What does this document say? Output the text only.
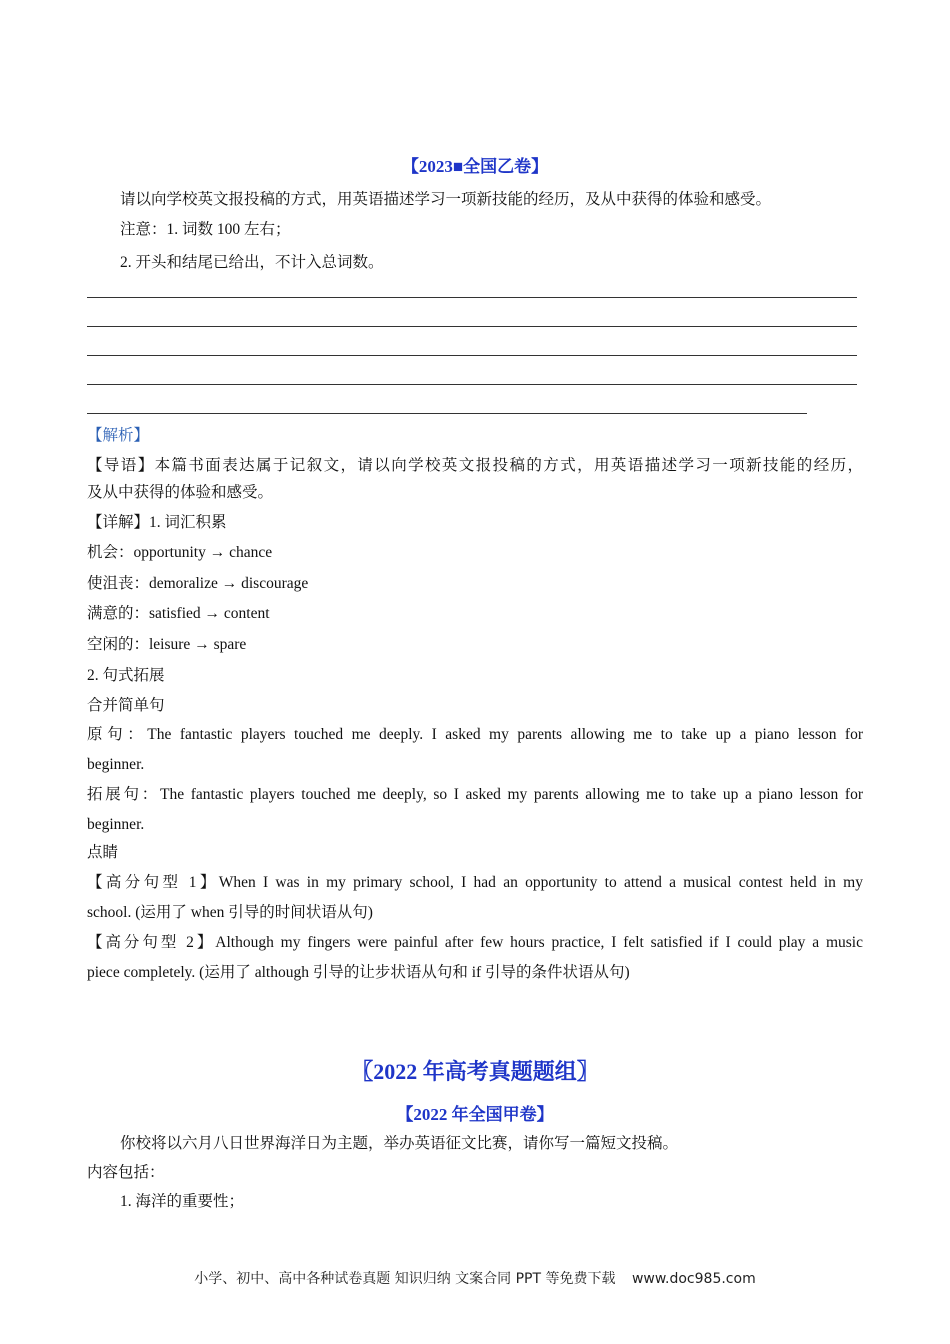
【2023■全国乙卷】
请以向学校英文报投稿的方式，用英语描述学习一项新技能的经历，及从中获得的体验和感受。
注意：1. 词数 100 左右；
2. 开头和结尾已给出，不计入总词数。
【解析】
【导语】本篇书面表达属于记叙文，请以向学校英文报投稿的方式，用英语描述学习一项新技能的经历，
及从中获得的体验和感受。
【详解】1. 词汇积累
机会：opportunity → chance
使沮丧：demoralize → discourage
满意的：satisfied → content
空闲的：leisure → spare
2. 句式拓展
合并简单句
原句：The fantastic players touched me deeply. I asked my parents allowing me to take up a piano lesson for
beginner.
拓展句：The fantastic players touched me deeply, so I asked my parents allowing me to take up a piano lesson for
beginner.
点睛
【高分句型 1】When I was in my primary school, I had an opportunity to attend a musical contest held in my
school. (运用了 when 引导的时间状语从句)
【高分句型 2】Although my fingers were painful after few hours practice, I felt satisfied if I could play a music
piece completely. (运用了 although 引导的让步状语从句和 if 引导的条件状语从句)
〖2022 年高考真题题组〗
【2022 年全国甲卷】
你校将以六月八日世界海洋日为主题，举办英语征文比赛，请你写一篇短文投稿。
内容包括：
1. 海洋的重要性；
小学、初中、高中各种试卷真题 知识归纳 文案合同 PPT 等免费下载 www.doc985.com
